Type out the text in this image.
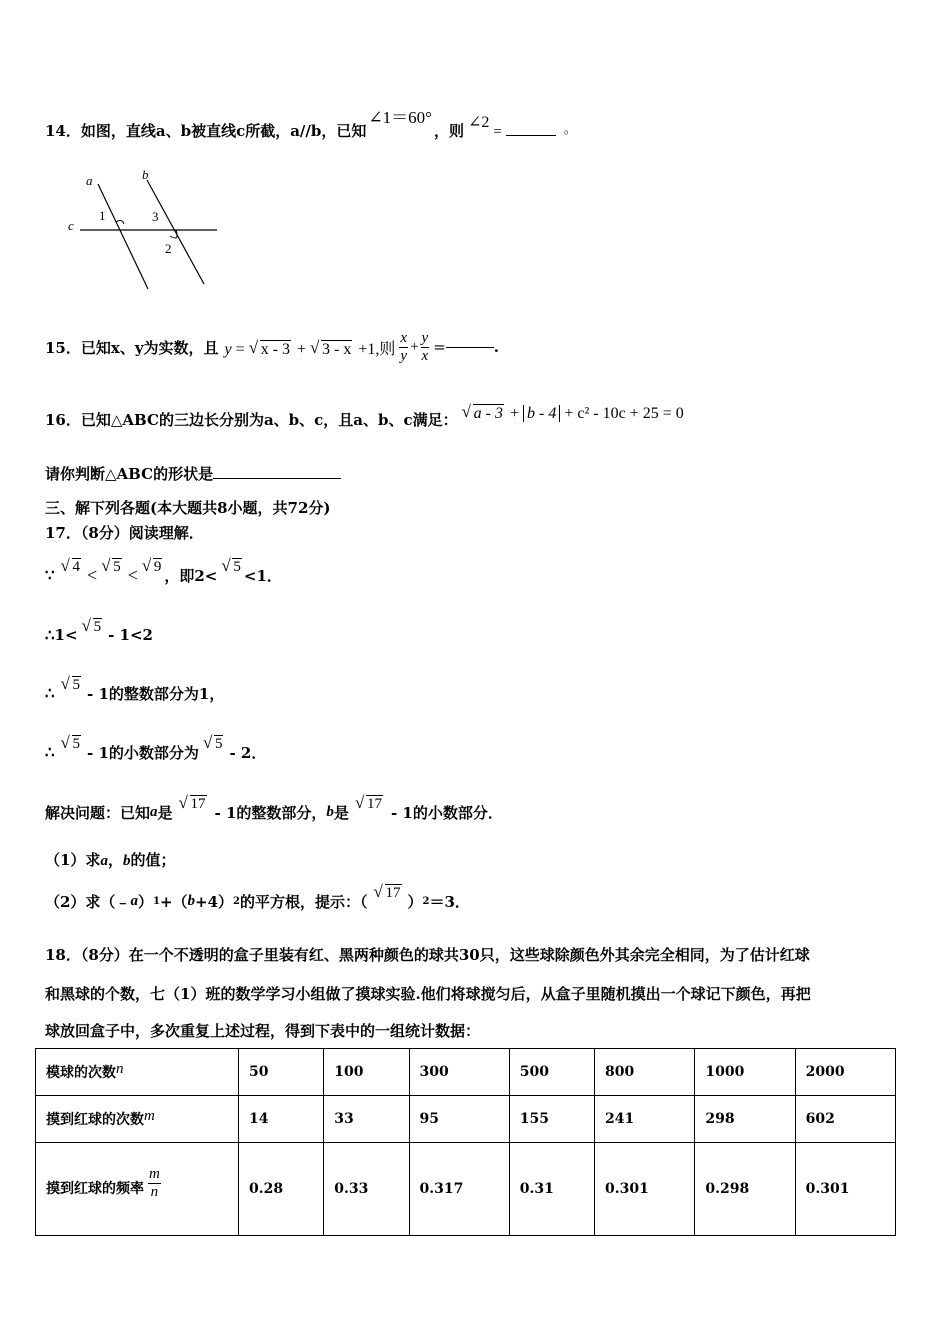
14．如图，直线a、b被直线c所截，a//b，已知∠1＝60°，则 ∠2=	。
a	b
c
1	3
2
15．已知x、y为实数，且 y = √ x - 3 + √ 3 - x +1,则 $\frac{x}{y} + \frac{y}{x}$ =	.
16．已知△ABC的三边长分别为a、b、c，且a、b、c满足：	√ a - 3 + b - 4 + c² - 10c + 25 = 0
请你判断△ABC的形状是
三、解下列各题(本大题共8小题，共72分)
17．（8分）阅读理解．
∵	√ 4 <	√ 5 <	√ 9 ，即2<	√ 5 <1．
∴1<	√ 5 - 1<2
∴	√ 5 - 1的整数部分为1，
∴	√ 5 - 1的小数部分为	√ 5 - 2．
解决问题：已知 a 是	√ 17 - 1的整数部分， b 是	√ 17 - 1的小数部分．
（1）求a，b的值；
（2）求（﹣ a ） 1 +（ b +4） 2 的平方根，提示：（	√ 17 ） 2 ＝3．
18．（8分）在一个不透明的盒子里装有红、黑两种颜色的球共30只，这些球除颜色外其余完全相同，为了估计红球
和黑球的个数，七（1）班的数学学习小组做了摸球实验.他们将球搅匀后，从盒子里随机摸出一个球记下颜色，再把
球放回盒子中，多次重复上述过程，得到下表中的一组统计数据：
模球的次数n	50	100	300	500	800	1000	2000
摸到红球的次数m	14	33	95	155	241	298	602
摸到红球的频率 $\frac{m}{n}$	0.28	0.33	0.317	0.31	0.301	0.298	0.301
